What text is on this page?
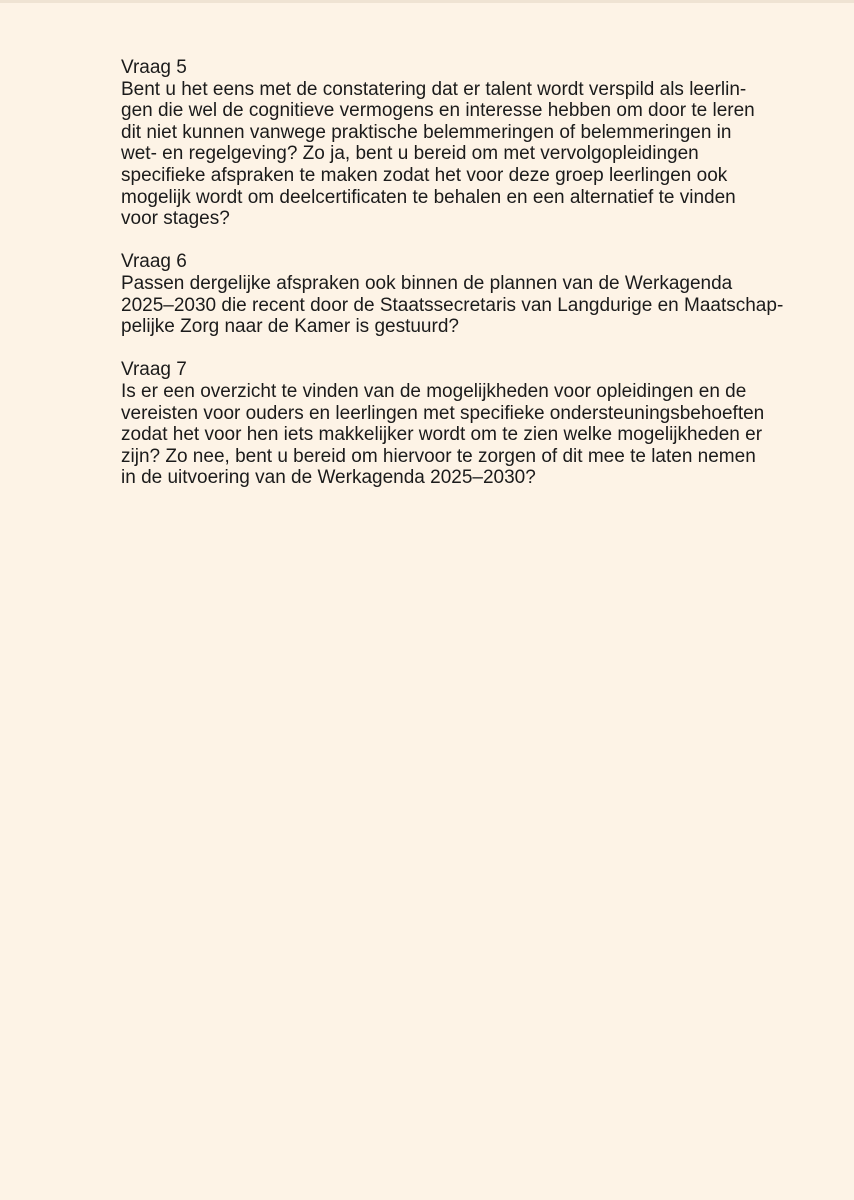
Vraag 5
Bent u het eens met de constatering dat er talent wordt verspild als leerlin-
gen die wel de cognitieve vermogens en interesse hebben om door te leren
dit niet kunnen vanwege praktische belemmeringen of belemmeringen in
wet- en regelgeving? Zo ja, bent u bereid om met vervolgopleidingen
specifieke afspraken te maken zodat het voor deze groep leerlingen ook
mogelijk wordt om deelcertificaten te behalen en een alternatief te vinden
voor stages?
Vraag 6
Passen dergelijke afspraken ook binnen de plannen van de Werkagenda
2025–2030 die recent door de Staatssecretaris van Langdurige en Maatschap-
pelijke Zorg naar de Kamer is gestuurd?
Vraag 7
Is er een overzicht te vinden van de mogelijkheden voor opleidingen en de
vereisten voor ouders en leerlingen met specifieke ondersteuningsbehoeften
zodat het voor hen iets makkelijker wordt om te zien welke mogelijkheden er
zijn? Zo nee, bent u bereid om hiervoor te zorgen of dit mee te laten nemen
in de uitvoering van de Werkagenda 2025–2030?
